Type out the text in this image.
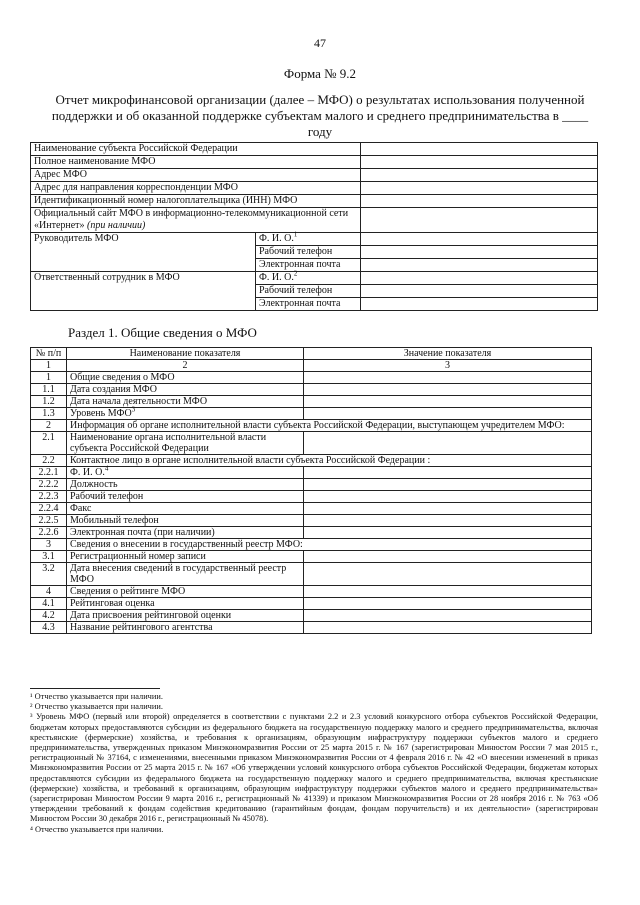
47
Форма № 9.2
Отчет микрофинансовой организации (далее – МФО) о результатах использования полученной поддержки и об оказанной поддержке субъектам малого и среднего предпринимательства в ____ году
Наименование субъекта Российской Федерации		
Полное наименование МФО		
Адрес МФО		
Адрес для направления корреспонденции МФО		
Идентификационный номер налогоплательщика (ИНН) МФО		
Официальный сайт МФО в информационно-телекоммуникационной сети «Интернет» (при наличии)		
Руководитель МФО	Ф. И. О.$^1$	
	Рабочий телефон	
	Электронная почта	
Ответственный сотрудник в МФО	Ф. И. О.$^2$	
	Рабочий телефон	
	Электронная почта	
Раздел 1. Общие сведения о МФО
№ п/п	Наименование показателя	Значение показателя
1	2	3
1	Общие сведения о МФО	
1.1	Дата создания МФО	
1.2	Дата начала деятельности МФО	
1.3	Уровень МФО$^3$	
2	Информация об органе исполнительной власти субъекта Российской Федерации, выступающем учредителем МФО:	
2.1	Наименование органа исполнительной власти субъекта Российской Федерации	
2.2	Контактное лицо в органе исполнительной власти субъекта Российской Федерации :	
2.2.1	Ф. И. О.$^4$	
2.2.2	Должность	
2.2.3	Рабочий телефон	
2.2.4	Факс	
2.2.5	Мобильный телефон	
2.2.6	Электронная почта (при наличии)	
3	Сведения о внесении в государственный реестр МФО:	
3.1	Регистрационный номер записи	
3.2	Дата внесения сведений в государственный реестр МФО	
4	Сведения о рейтинге МФО	
4.1	Рейтинговая оценка	
4.2	Дата присвоения рейтинговой оценки	
4.3	Название рейтингового агентства	
¹ Отчество указывается при наличии.
² Отчество указывается при наличии.
³ Уровень МФО (первый или второй) определяется в соответствии с пунктами 2.2 и 2.3 условий конкурсного отбора субъектов Российской Федерации, бюджетам которых предоставляются субсидии из федерального бюджета на государственную поддержку малого и среднего предпринимательства, включая крестьянские (фермерские) хозяйства, и требования к организациям, образующим инфраструктуру поддержки субъектов малого и среднего предпринимательства, утвержденных приказом Минэкономразвития России от 25 марта 2015 г. № 167 (зарегистрирован Минюстом России 7 мая 2015 г., регистрационный № 37164, с изменениями, внесенными приказом Минэкономразвития России от 4 февраля 2016 г. № 42 «О внесении изменений в приказ Минэкономразвития России от 25 марта 2015 г. № 167 «Об утверждении условий конкурсного отбора субъектов Российской Федерации, бюджетам которых предоставляются субсидии из федерального бюджета на государственную поддержку малого и среднего предпринимательства, включая крестьянские (фермерские) хозяйства, и требований к организациям, образующим инфраструктуру поддержки субъектов малого и среднего предпринимательства» (зарегистрирован Минюстом России 9 марта 2016 г., регистрационный № 41339) и приказом Минэкономразвития России от 28 ноября 2016 г. № 763 «Об утверждении требований к фондам содействия кредитованию (гарантийным фондам, фондам поручительств) и их деятельности» (зарегистрирован Минюстом России 30 декабря 2016 г., регистрационный № 45078).
⁴ Отчество указывается при наличии.
